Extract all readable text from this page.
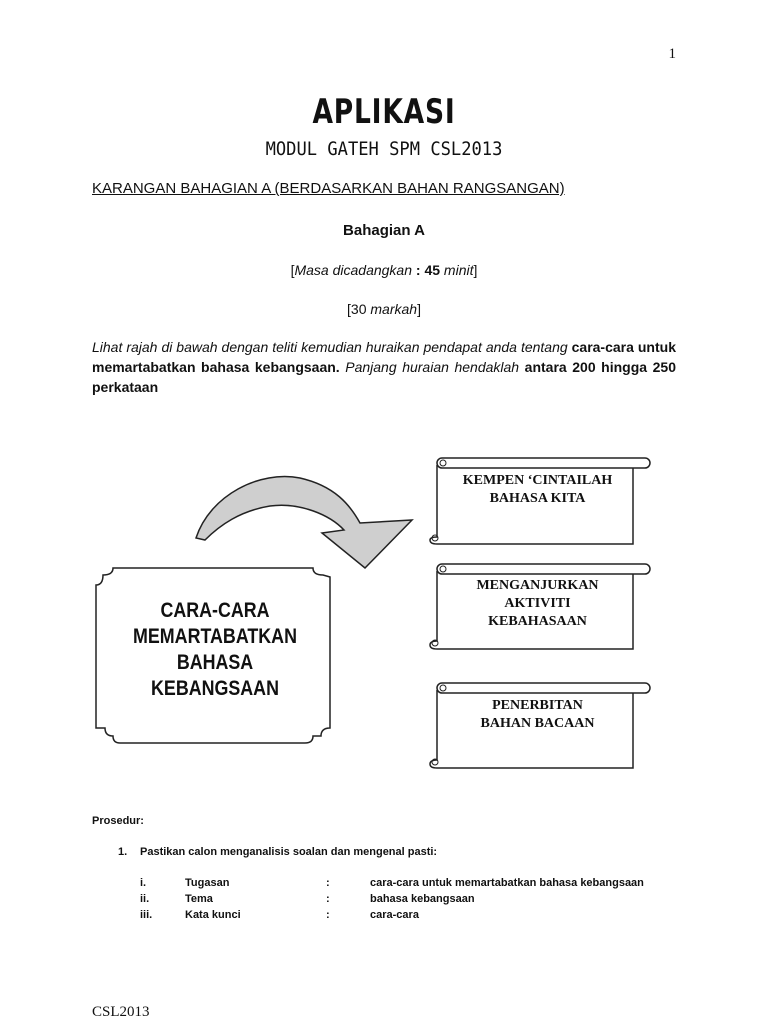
1
APLIKASI
MODUL GATEH SPM CSL2013
KARANGAN BAHAGIAN A (BERDASARKAN BAHAN RANGSANGAN)
Bahagian A
[Masa dicadangkan : 45 minit]
[30 markah]
Lihat rajah di bawah dengan teliti kemudian huraikan pendapat anda tentang cara-cara untuk memartabatkan bahasa kebangsaan. Panjang huraian hendaklah antara 200 hingga 250 perkataan
CARA-CARA
MEMARTABATKAN
BAHASA
KEBANGSAAN
KEMPEN ‘CINTAILAH
BAHASA KITA
MENGANJURKAN
AKTIVITI
KEBAHASAAN
PENERBITAN
BAHAN BACAAN
Prosedur:
1. Pastikan calon menganalisis soalan dan mengenal pasti:
i.	Tugasan	:	cara-cara untuk memartabatkan bahasa kebangsaan
ii.	Tema	:	bahasa kebangsaan
iii.	Kata kunci	:	cara-cara
CSL2013
